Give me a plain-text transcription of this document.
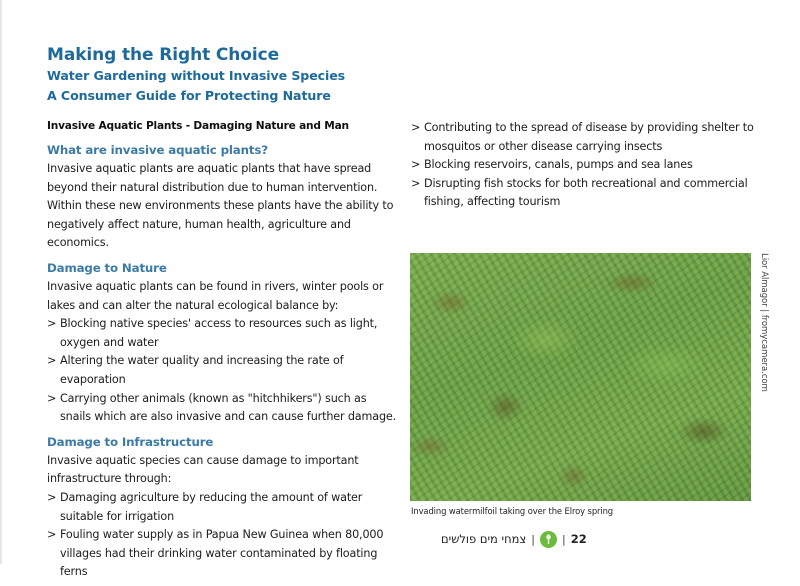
Making the Right Choice
Water Gardening without Invasive Species
A Consumer Guide for Protecting Nature
Invasive Aquatic Plants - Damaging Nature and Man
What are invasive aquatic plants?

Invasive aquatic plants are aquatic plants that have spread beyond their natural distribution due to human intervention. Within these new environments these plants have the ability to negatively affect nature, human health, agriculture and economics.

Damage to Nature

Invasive aquatic plants can be found in rivers, winter pools or lakes and can alter the natural ecological balance by:

> Blocking native species' access to resources such as light, oxygen and water
> Altering the water quality and increasing the rate of evaporation
> Carrying other animals (known as "hitchhikers") such as snails which are also invasive and can cause further damage.
Damage to Infrastructure

Invasive aquatic species can cause damage to important infrastructure through:

> Damaging agriculture by reducing the amount of water suitable for irrigation
> Fouling water supply as in Papua New Guinea when 80,000 villages had their drinking water contaminated by floating ferns
> Contributing to the spread of disease by providing shelter to mosquitos or other disease carrying insects
> Blocking reservoirs, canals, pumps and sea lanes
> Disrupting fish stocks for both recreational and commercial fishing, affecting tourism
Lior Almagor | fromycamera.com
Invading watermilfoil taking over the Elroy spring
צמחי מים פולשים | | 22
